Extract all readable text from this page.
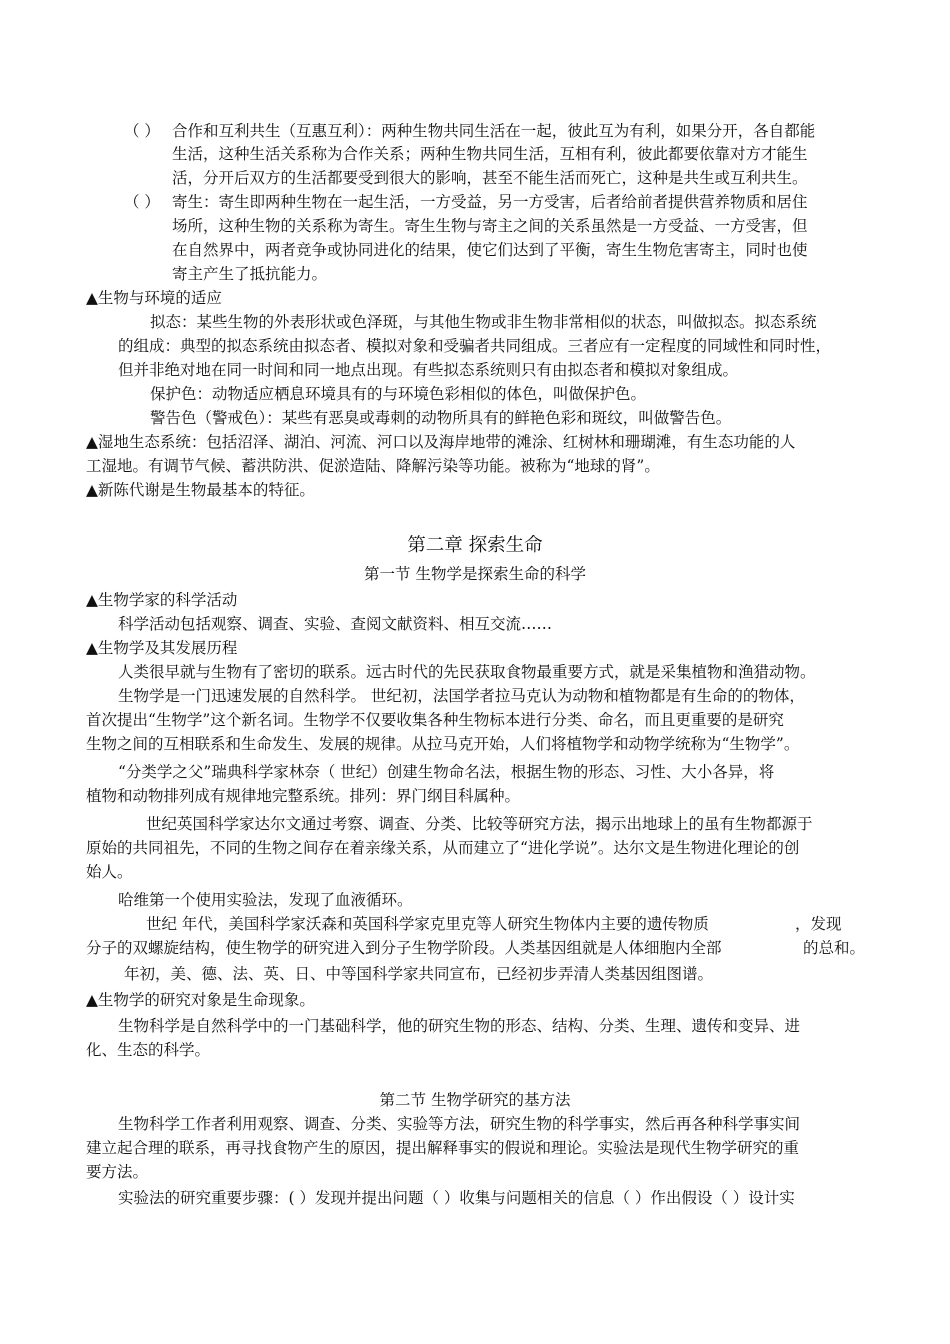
（ ） 合作和互利共生（互惠互利）：两种生物共同生活在一起，彼此互为有利，如果分开，各自都能
生活，这种生活关系称为合作关系；两种生物共同生活，互相有利，彼此都要依靠对方才能生
活，分开后双方的生活都要受到很大的影响，甚至不能生活而死亡，这种是共生或互利共生。
（ ） 寄生：寄生即两种生物在一起生活，一方受益，另一方受害，后者给前者提供营养物质和居住
场所，这种生物的关系称为寄生。寄生生物与寄主之间的关系虽然是一方受益、一方受害，但
在自然界中，两者竞争或协同进化的结果，使它们达到了平衡，寄生生物危害寄主，同时也使
寄主产生了抵抗能力。
▲生物与环境的适应
拟态：某些生物的外表形状或色泽斑，与其他生物或非生物非常相似的状态，叫做拟态。拟态系统
的组成：典型的拟态系统由拟态者、模拟对象和受骗者共同组成。三者应有一定程度的同域性和同时性，
但并非绝对地在同一时间和同一地点出现。有些拟态系统则只有由拟态者和模拟对象组成。
保护色：动物适应栖息环境具有的与环境色彩相似的体色，叫做保护色。
警告色（警戒色）：某些有恶臭或毒刺的动物所具有的鲜艳色彩和斑纹，叫做警告色。
▲湿地生态系统：包括沼泽、湖泊、河流、河口以及海岸地带的滩涂、红树林和珊瑚滩，有生态功能的人
工湿地。有调节气候、蓄洪防洪、促淤造陆、降解污染等功能。被称为“地球的肾”。
▲新陈代谢是生物最基本的特征。
第二章 探索生命
第一节 生物学是探索生命的科学
▲生物学家的科学活动
科学活动包括观察、调查、实验、查阅文献资料、相互交流……
▲生物学及其发展历程
人类很早就与生物有了密切的联系。远古时代的先民获取食物最重要方式，就是采集植物和渔猎动物。
生物学是一门迅速发展的自然科学。 世纪初，法国学者拉马克认为动物和植物都是有生命的的物体，
首次提出“生物学”这个新名词。生物学不仅要收集各种生物标本进行分类、命名，而且更重要的是研究
生物之间的互相联系和生命发生、发展的规律。从拉马克开始，人们将植物学和动物学统称为“生物学”。
“分类学之父”瑞典科学家林奈（ 世纪）创建生物命名法，根据生物的形态、习性、大小各异，将
植物和动物排列成有规律地完整系统。排列：界门纲目科属种。
世纪英国科学家达尔文通过考察、调查、分类、比较等研究方法，揭示出地球上的虽有生物都源于
原始的共同祖先，不同的生物之间存在着亲缘关系，从而建立了“进化学说”。达尔文是生物进化理论的创
始人。
哈维第一个使用实验法，发现了血液循环。
世纪 年代，美国科学家沃森和英国科学家克里克等人研究生物体内主要的遗传物质	，发现
分子的双螺旋结构，使生物学的研究进入到分子生物学阶段。人类基因组就是人体细胞内全部	的总和。
年初，美、德、法、英、日、中等国科学家共同宣布，已经初步弄清人类基因组图谱。
▲生物学的研究对象是生命现象。
生物科学是自然科学中的一门基础科学，他的研究生物的形态、结构、分类、生理、遗传和变异、进
化、生态的科学。
第二节 生物学研究的基方法
生物科学工作者利用观察、调查、分类、实验等方法，研究生物的科学事实，然后再各种科学事实间
建立起合理的联系，再寻找食物产生的原因，提出解释事实的假说和理论。实验法是现代生物学研究的重
要方法。
实验法的研究重要步骤：( ）发现并提出问题（ ）收集与问题相关的信息（ ）作出假设（ ）设计实
